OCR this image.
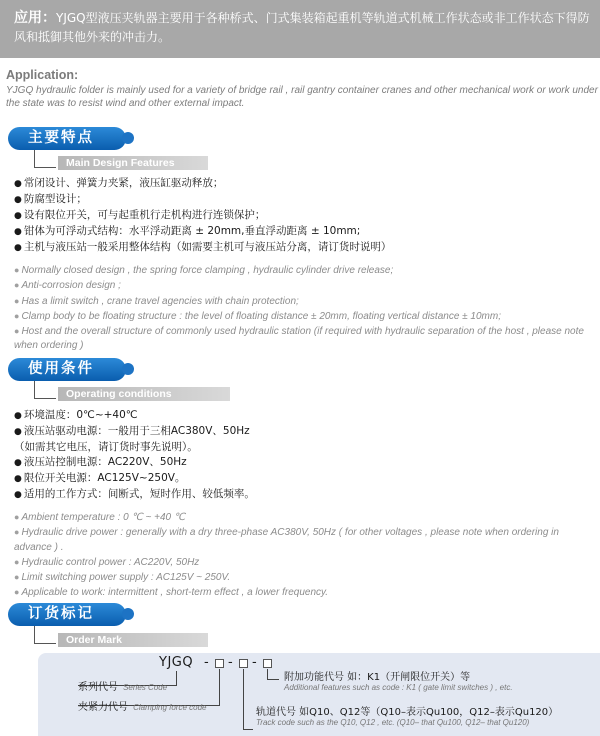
应用：YJGQ型液压夹轨器主要用于各种桥式、门式集装箱起重机等轨道式机械工作状态或非工作状态下得防风和抵御其他外来的冲击力。
Application:
YJGQ hydraulic folder is mainly used for a variety of bridge rail , rail gantry container cranes and other mechanical work or work under the state was to resist wind and other external impact.
主要特点
Main Design Features
● 常闭设计、弹簧力夹紧，液压缸驱动释放；
● 防腐型设计；
● 设有限位开关，可与起重机行走机构进行连锁保护；
● 钳体为可浮动式结构：水平浮动距离 ± 20mm,垂直浮动距离 ± 10mm;
● 主机与液压站一般采用整体结构（如需要主机可与液压站分离，请订货时说明）
● Normally closed design , the spring force clamping , hydraulic cylinder drive release;
● Anti-corrosion design ;
● Has a limit switch , crane travel agencies with chain protection;
● Clamp body to be floating structure : the level of floating distance ± 20mm, floating vertical distance ± 10mm;
● Host and the overall structure of commonly used hydraulic station (if required with hydraulic separation of the host , please note when ordering )
使用条件
Operating conditions
● 环境温度：0℃~+40℃
● 液压站驱动电源：一般用于三相AC380V、50Hz
（如需其它电压，请订货时事先说明）。
● 液压站控制电源：AC220V、50Hz
● 限位开关电源：AC125V~250V。
● 适用的工作方式：间断式，短时作用、较低频率。
● Ambient temperature : 0 ℃ ~ +40 ℃
● Hydraulic drive power : generally with a dry three-phase AC380V, 50Hz ( for other voltages , please note when ordering in advance ) .
● Hydraulic control power : AC220V, 50Hz
● Limit switching power supply : AC125V ~ 250V.
● Applicable to work: intermittent , short-term effect , a lower frequency.
订货标记
Order Mark
YJGQ - - -
系列代号 Series Code
夹紧力代号 Clamping force code
附加功能代号 如：K1（开闸限位开关）等
Additional features such as code : K1 ( gate limit switches ) , etc.
轨道代号 如Q10、Q12等（Q10–表示Qu100，Q12–表示Qu120）
Track code such as the Q10, Q12 , etc. (Q10– that Qu100, Q12– that Qu120)
